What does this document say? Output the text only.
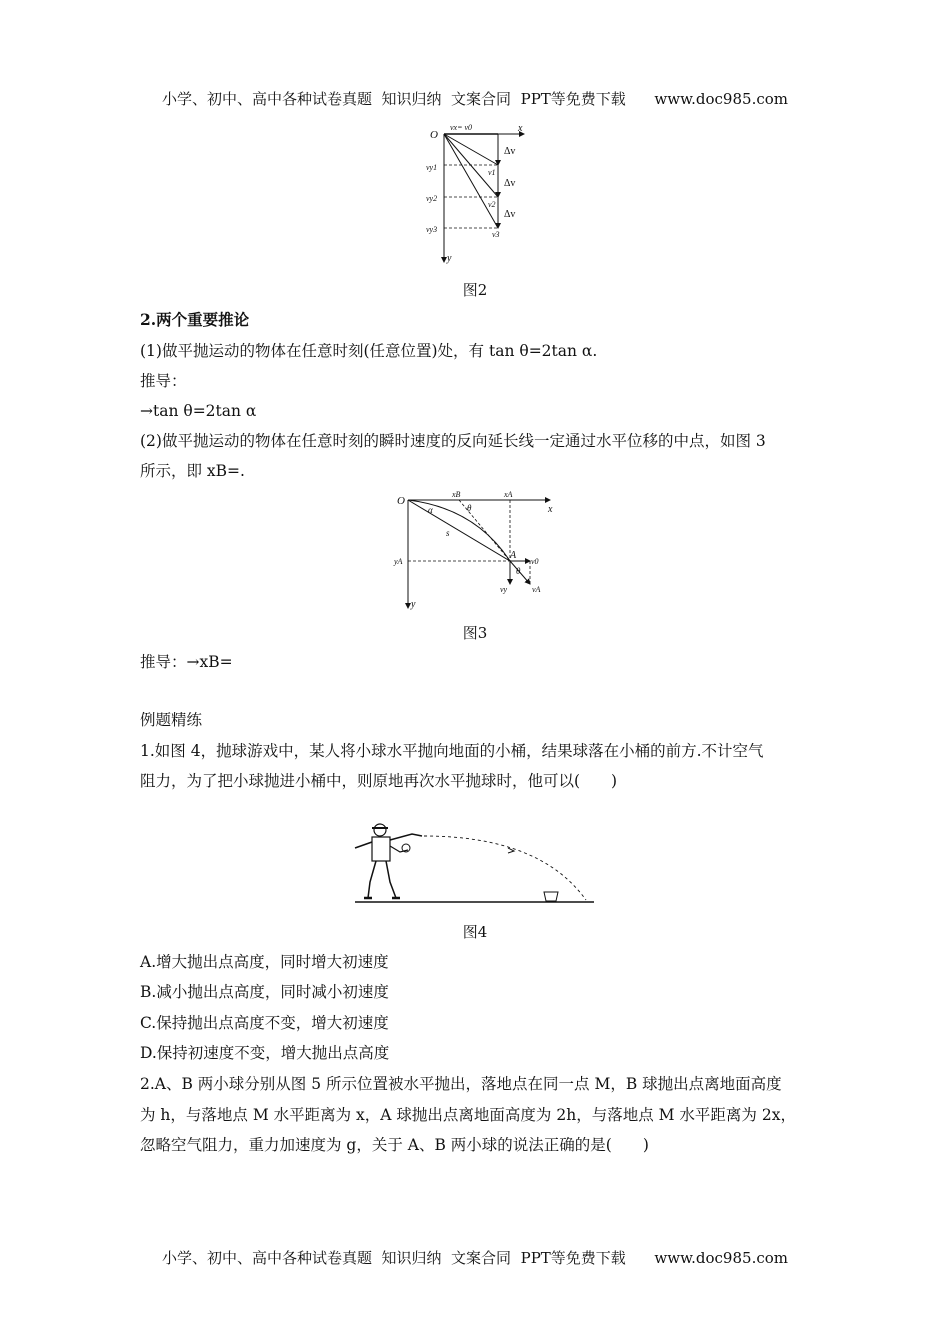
小学、初中、高中各种试卷真题  知识归纳  文案合同  PPT等免费下载      www.doc985.com
O
vx= v0	x
y
vy1
vy2
vy3
v1
v2
v3
Δv
Δv
Δv
图2
2.两个重要推论
(1)做平抛运动的物体在任意时刻(任意位置)处，有 tan θ=2tan α.
推导：
→tan θ=2tan α
(2)做平抛运动的物体在任意时刻的瞬时速度的反向延长线一定通过水平位移的中点，如图 3
所示，即 xB=.
O
xB	xA
x
y
α	θ
s
A
v0
yA
θ
vy	vA
图3
推导：→xB=
例题精练
1.如图 4，抛球游戏中，某人将小球水平抛向地面的小桶，结果球落在小桶的前方.不计空气
阻力，为了把小球抛进小桶中，则原地再次水平抛球时，他可以(　　)
图4
A.增大抛出点高度，同时增大初速度
B.减小抛出点高度，同时减小初速度
C.保持抛出点高度不变，增大初速度
D.保持初速度不变，增大抛出点高度
2.A、B 两小球分别从图 5 所示位置被水平抛出，落地点在同一点 M，B 球抛出点离地面高度
为 h，与落地点 M 水平距离为 x，A 球抛出点离地面高度为 2h，与落地点 M 水平距离为 2x，
忽略空气阻力，重力加速度为 g，关于 A、B 两小球的说法正确的是(　　)
小学、初中、高中各种试卷真题  知识归纳  文案合同  PPT等免费下载      www.doc985.com
